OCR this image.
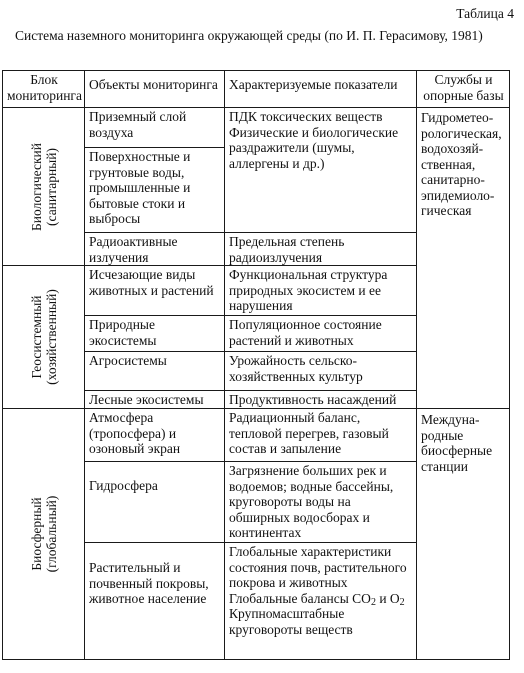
Таблица 4
Система наземного мониторинга окружающей среды (по И. П. Герасимову, 1981)
Блок
мониторинга
Объекты мониторинга Характеризуемые показатели	Службы и
опорные базы
Биологический (санитарный)
Геосистемный (хозяйственный)
Биосферный (глобальный)
Приземный слой
воздуха
Поверхностные и
грунтовые воды,
промышленные и
бытовые стоки и
выбросы
Радиоактивные
излучения
Исчезающие виды
животных и растений
Природные
экосистемы
Агросистемы
Лесные экосистемы
Атмосфера
(тропосфера) и
озоновый экран
Гидросфера
Растительный и
почвенный покровы,
животное население
ПДК токсических веществ
Физические и биологические
раздражители (шумы,
аллергены и др.)
Предельная степень
радиоизлучения
Функциональная структура
природных экосистем и ее
нарушения
Популяционное состояние
растений и животных
Урожайность сельско-
хозяйственных культур
Продуктивность насаждений
Радиационный баланс,
тепловой перегрев, газовый
состав и запыление
Загрязнение больших рек и
водоемов; водные бассейны,
круговороты воды на
обширных водосборах и
континентах
Глобальные характеристики
состояния почв, растительного
покрова и животных
Глобальные балансы $CO_2$ и $O_2$
Крупномасштабные
круговороты веществ
Гидрометео-
рологическая,
водохозяй-
ственная,
санитарно-
эпидемиоло-
гическая
Междуна-
родные
биосферные
станции
